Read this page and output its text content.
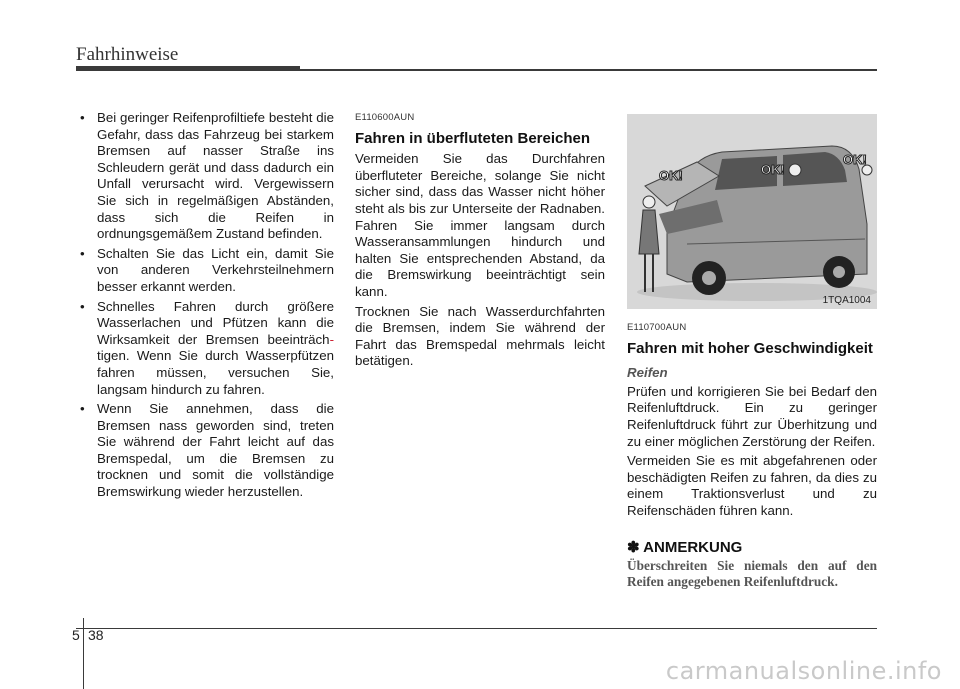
Fahrhinweise
• Bei geringer Reifenprofiltiefe besteht die Gefahr, dass das Fahrzeug bei starkem Bremsen auf nasser Straße ins Schleudern gerät und dass dadurch ein Unfall verursacht wird. Vergewissern Sie sich in regelmäßigen Abständen, dass sich die Reifen in ordnungsgemäßem Zustand befinden.
• Schalten Sie das Licht ein, damit Sie von anderen Verkehrsteilnehmern besser erkannt werden.
• Schnelles Fahren durch größere Wasserlachen und Pfützen kann die Wirksamkeit der Bremsen beeinträch-tigen. Wenn Sie durch Wasserpfützen fahren müssen, versuchen Sie, langsam hindurch zu fahren.
• Wenn Sie annehmen, dass die Bremsen nass geworden sind, treten Sie während der Fahrt leicht auf das Bremspedal, um die Bremsen zu trocknen und somit die vollständige Bremswirkung wieder herzustellen.
E110600AUN
Fahren in überfluteten Bereichen

Vermeiden Sie das Durchfahren überfluteter Bereiche, solange Sie nicht sicher sind, dass das Wasser nicht höher steht als bis zur Unterseite der Radnaben. Fahren Sie immer langsam durch Wasseransammlungen hindurch und halten Sie entsprechenden Abstand, da die Bremswirkung beeinträchtigt sein kann.

Trocknen Sie nach Wasserdurchfahrten die Bremsen, indem Sie während der Fahrt das Bremspedal mehrmals leicht betätigen.

OK!	OK!
OK!
1TQA1004
E110700AUN
Fahren mit hoher Geschwindigkeit
Reifen

Prüfen und korrigieren Sie bei Bedarf den Reifenluftdruck. Ein zu geringer Reifenluftdruck führt zur Überhitzung und zu einer möglichen Zerstörung der Reifen.

Vermeiden Sie es mit abgefahrenen oder beschädigten Reifen zu fahren, da dies zu einem Traktionsverlust und zu Reifenschäden führen kann.

✽ ANMERKUNG
Überschreiten Sie niemals den auf den Reifen angegebenen Reifenluftdruck.
5 38
carmanualsonline.info
